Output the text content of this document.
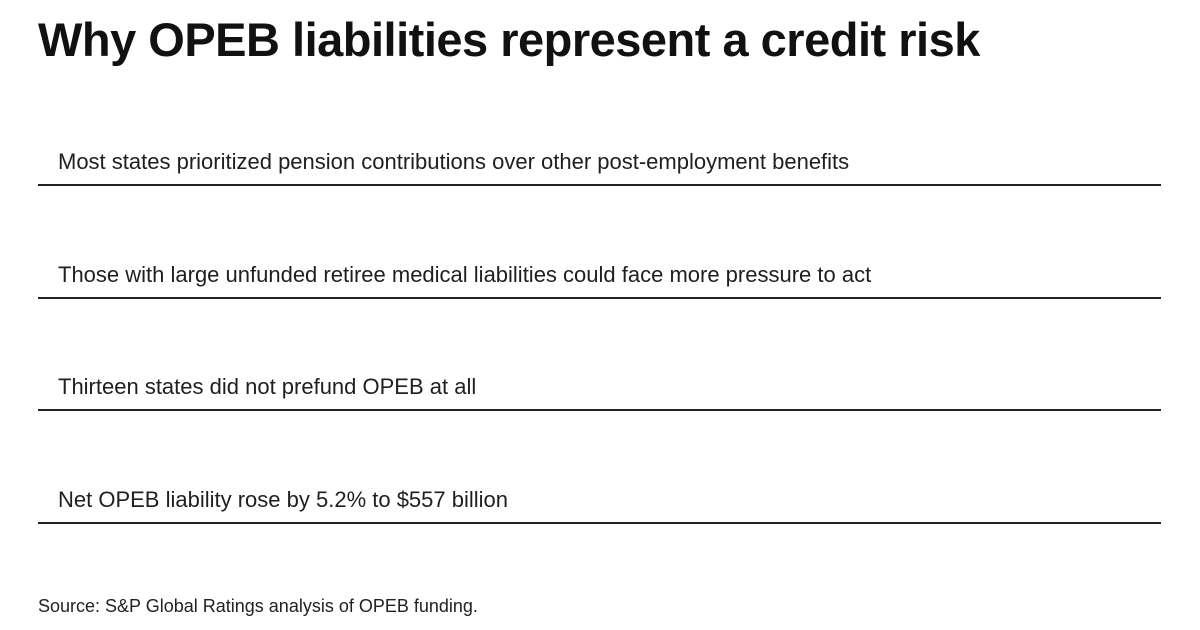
Why OPEB liabilities represent a credit risk
Most states prioritized pension contributions over other post-employment benefits
Those with large unfunded retiree medical liabilities could face more pressure to act
Thirteen states did not prefund OPEB at all
Net OPEB liability rose by 5.2% to $557 billion

Source: S&P Global Ratings analysis of OPEB funding.
